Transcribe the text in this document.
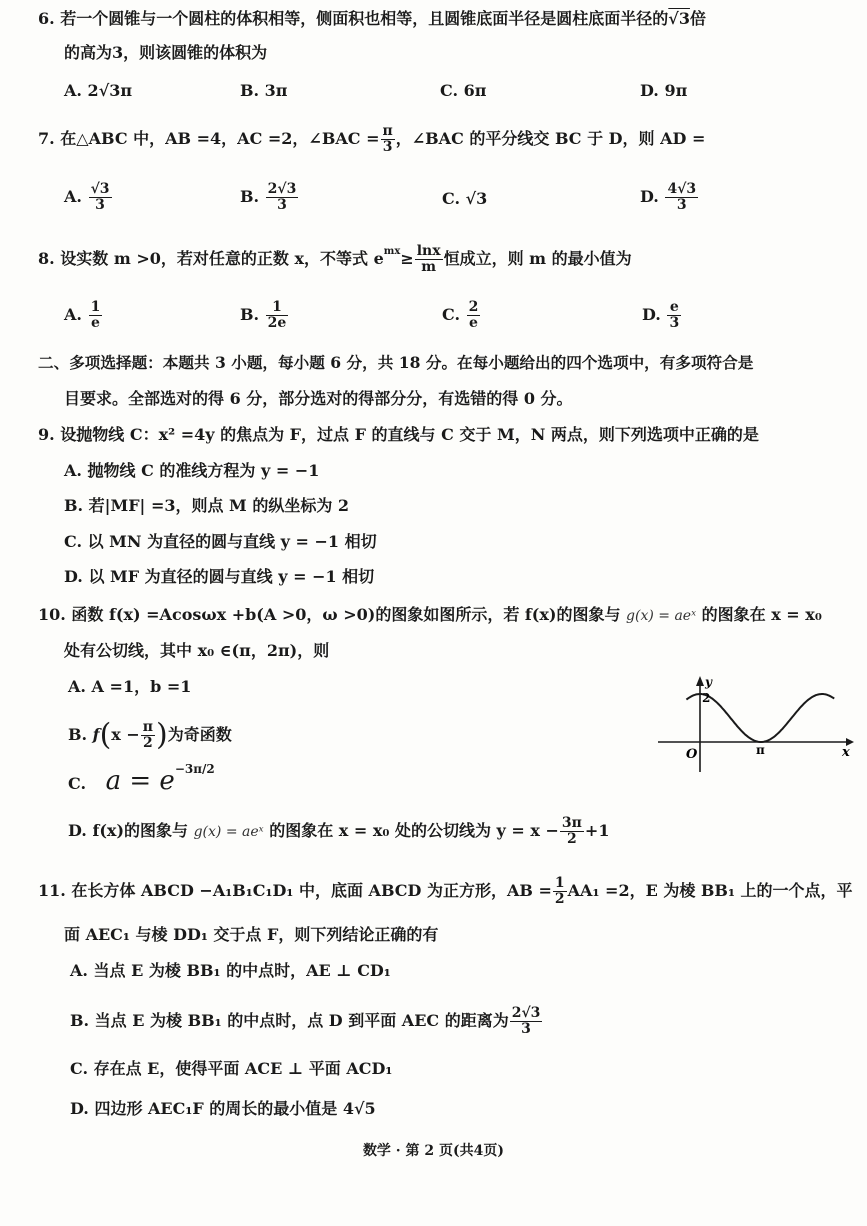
6. 若一个圆锥与一个圆柱的体积相等，侧面积也相等，且圆锥底面半径是圆柱底面半径的√3倍
的高为3，则该圆锥的体积为
A. 2√3π	B. 3π	C. 6π	D. 9π
7. 在△ABC 中，AB =4，AC =2，∠BAC = $\frac{\pi}{3}$ ，∠BAC 的平分线交 BC 于 D，则 AD =
A. $\frac{√3}{3}$	B. $\frac{2√3}{3}$	C. √3	D. $\frac{4√3}{3}$
8. 设实数 m >0，若对任意的正数 x，不等式 $e^{mx}\ge \frac{\ln x}{m}$ 恒成立，则 m 的最小值为
A. $\frac{1}{e}$	B. $\frac{1}{2e}$	C. $\frac{2}{e}$	D. $\frac{e}{3}$
二、多项选择题：本题共 3 小题，每小题 6 分，共 18 分。在每小题给出的四个选项中，有多项符合是
目要求。全部选对的得 6 分，部分选对的得部分分，有选错的得 0 分。
9. 设抛物线 C：x² =4y 的焦点为 F，过点 F 的直线与 C 交于 M，N 两点，则下列选项中正确的是
A. 抛物线 C 的准线方程为 y = −1
B. 若|MF| =3，则点 M 的纵坐标为 2
C. 以 MN 为直径的圆与直线 y = −1 相切
D. 以 MF 为直径的圆与直线 y = −1 相切
10. 函数 f(x) =Acosωx +b(A >0，ω >0)的图象如图所示，若 f(x)的图象与 g(x) = aeˣ 的图象在 x = x₀
处有公切线，其中 x₀ ∈(π，2π)，则
A. A =1，b =1
B. $f(x - \frac{\pi}{2}$ )为奇函数
C. $a = e^{-3\pi/2}$
D. f(x)的图象与 g(x) = aeˣ 的图象在 x = x₀ 处的公切线为 $y = x - \frac{3\pi}{2} +1$
y
2
O	π	x
11. 在长方体 ABCD −A₁B₁C₁D₁ 中，底面 ABCD 为正方形，AB = $\frac{1}{2} AA_1 =2$，E 为棱 BB₁ 上的一个点，平
面 AEC₁ 与棱 DD₁ 交于点 F，则下列结论正确的有
A. 当点 E 为棱 BB₁ 的中点时，AE ⊥ CD₁
B. 当点 E 为棱 BB₁ 的中点时，点 D 到平面 AEC 的距离为 $\frac{2√3}{3}$
C. 存在点 E，使得平面 ACE ⊥ 平面 ACD₁
D. 四边形 AEC₁F 的周长的最小值是 4√5
数学 · 第 2 页(共4页)
